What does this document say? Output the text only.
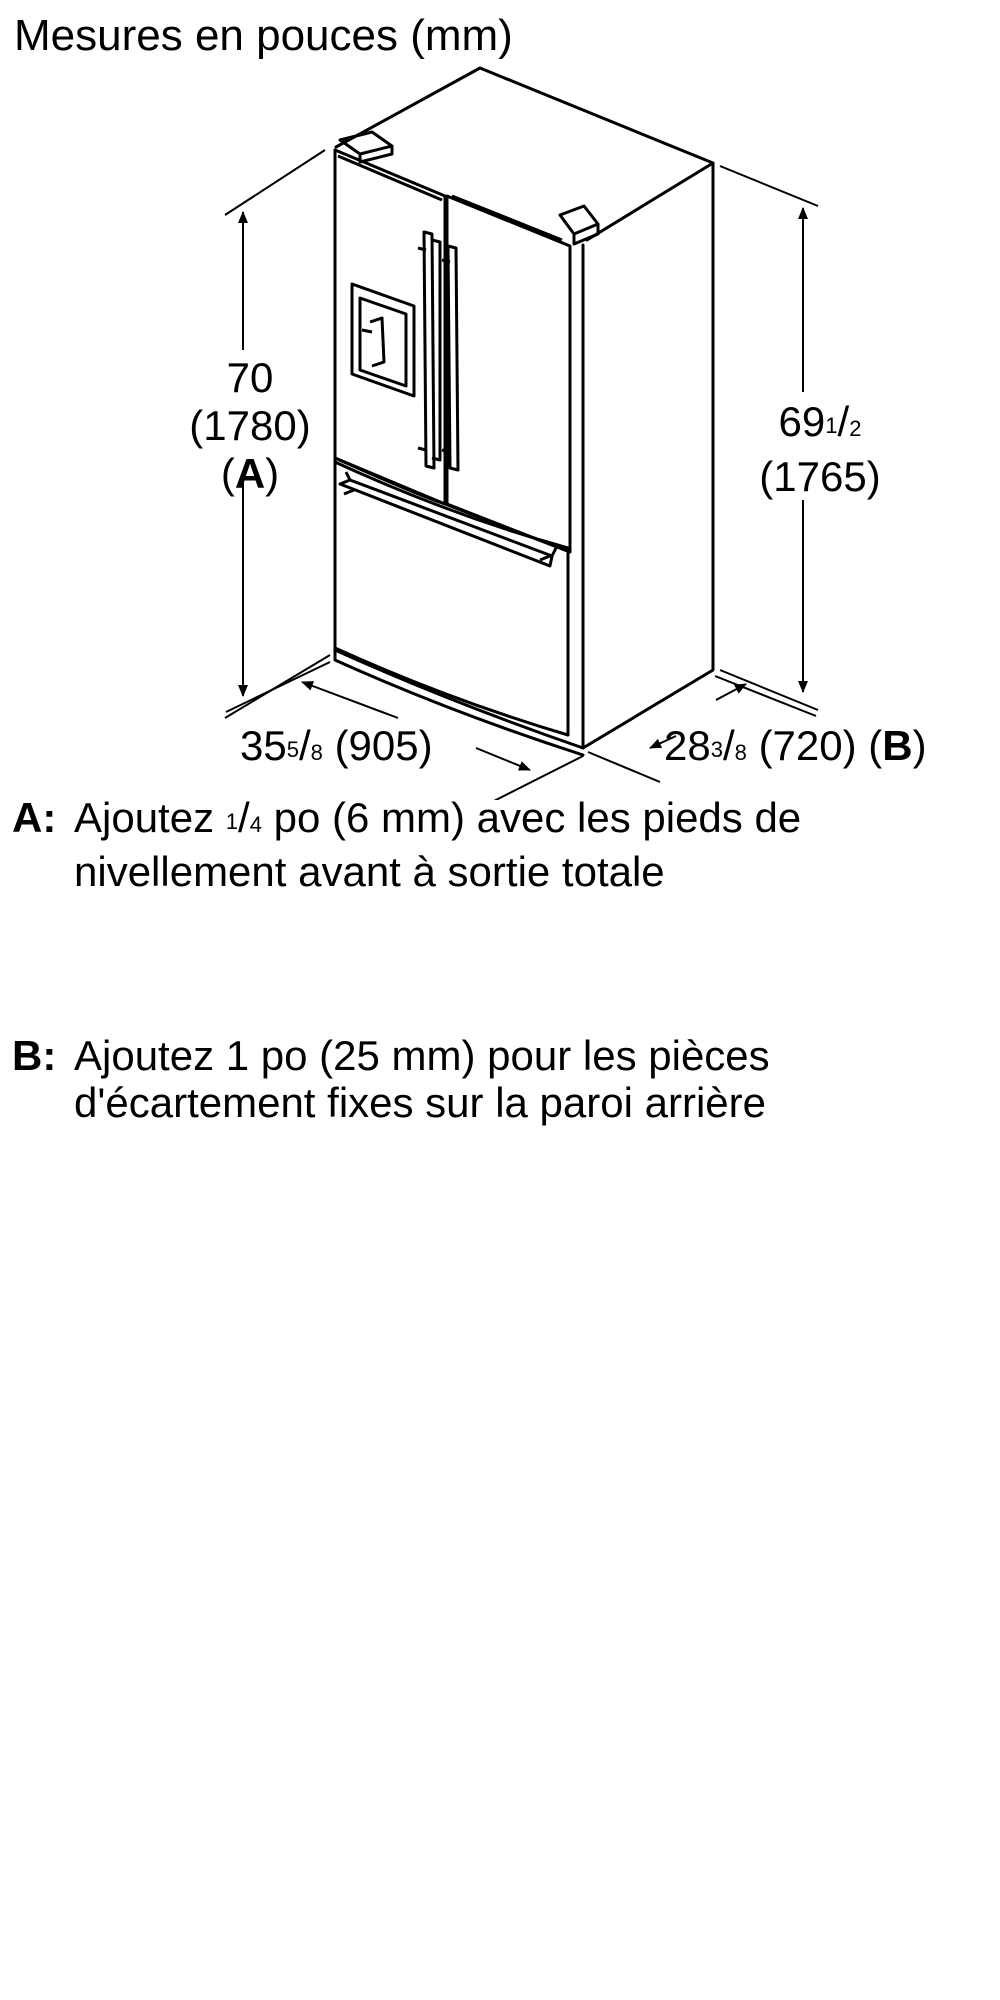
Mesures en pouces (mm)
70
(1780)
(A)
$69^1/2$
(1765)
$35^5/8$ (905)	$28^3/8$ (720) (B)
A: Ajoutez $^1$/4 po (6 mm) avec les pieds de nivellement avant à sortie totale
B: Ajoutez 1 po (25 mm) pour les pièces d'écartement fixes sur la paroi arrière
